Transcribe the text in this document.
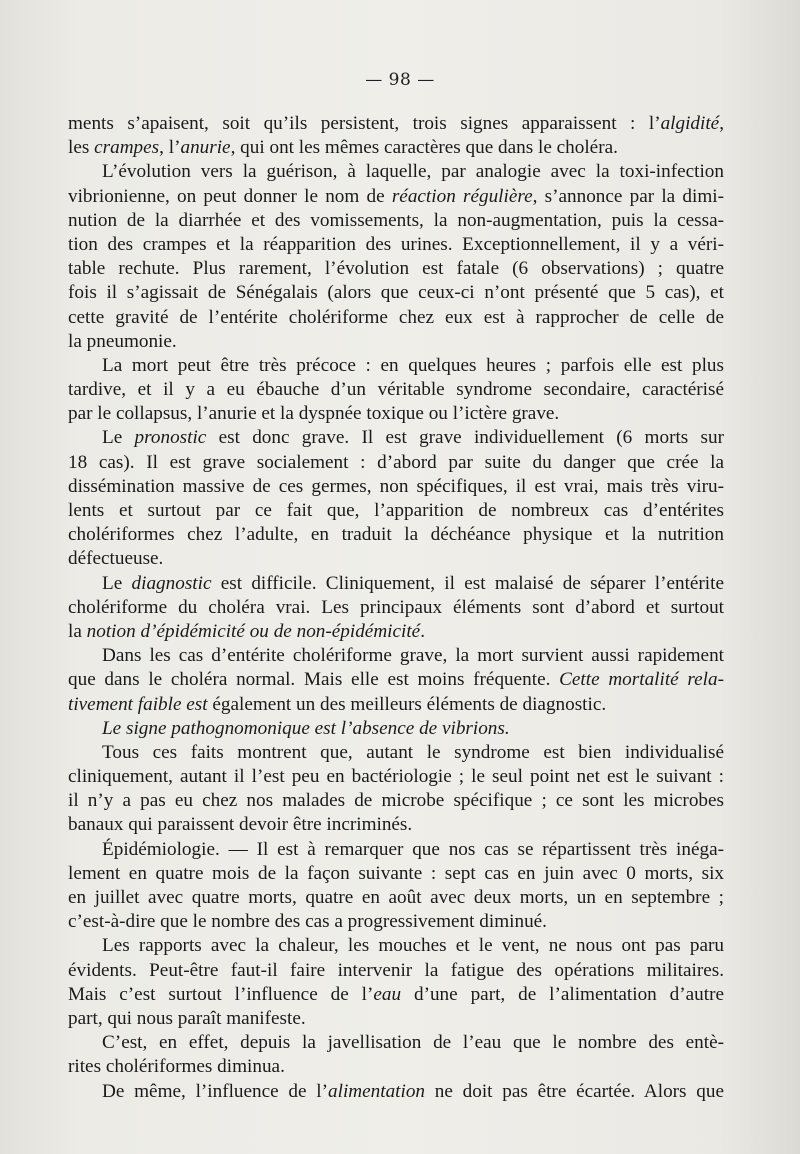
— 98 —
ments s’apaisent, soit qu’ils persistent, trois signes apparaissent : l’algidité,
les crampes, l’anurie, qui ont les mêmes caractères que dans le choléra.
L’évolution vers la guérison, à laquelle, par analogie avec la toxi-infection
vibrionienne, on peut donner le nom de réaction régulière, s’annonce par la dimi-
nution de la diarrhée et des vomissements, la non-augmentation, puis la cessa-
tion des crampes et la réapparition des urines. Exceptionnellement, il y a véri-
table rechute. Plus rarement, l’évolution est fatale (6 observations) ; quatre
fois il s’agissait de Sénégalais (alors que ceux-ci n’ont présenté que 5 cas), et
cette gravité de l’entérite cholériforme chez eux est à rapprocher de celle de
la pneumonie.
La mort peut être très précoce : en quelques heures ; parfois elle est plus
tardive, et il y a eu ébauche d’un véritable syndrome secondaire, caractérisé
par le collapsus, l’anurie et la dyspnée toxique ou l’ictère grave.
Le pronostic est donc grave. Il est grave individuellement (6 morts sur
18 cas). Il est grave socialement : d’abord par suite du danger que crée la
dissémination massive de ces germes, non spécifiques, il est vrai, mais très viru-
lents et surtout par ce fait que, l’apparition de nombreux cas d’entérites
cholériformes chez l’adulte, en traduit la déchéance physique et la nutrition
défectueuse.
Le diagnostic est difficile. Cliniquement, il est malaisé de séparer l’entérite
cholériforme du choléra vrai. Les principaux éléments sont d’abord et surtout
la notion d’épidémicité ou de non-épidémicité.
Dans les cas d’entérite cholériforme grave, la mort survient aussi rapidement
que dans le choléra normal. Mais elle est moins fréquente. Cette mortalité rela-
tivement faible est également un des meilleurs éléments de diagnostic.
Le signe pathognomonique est l’absence de vibrions.
Tous ces faits montrent que, autant le syndrome est bien individualisé
cliniquement, autant il l’est peu en bactériologie ; le seul point net est le suivant :
il n’y a pas eu chez nos malades de microbe spécifique ; ce sont les microbes
banaux qui paraissent devoir être incriminés.
Épidémiologie. — Il est à remarquer que nos cas se répartissent très inéga-
lement en quatre mois de la façon suivante : sept cas en juin avec 0 morts, six
en juillet avec quatre morts, quatre en août avec deux morts, un en septembre ;
c’est-à-dire que le nombre des cas a progressivement diminué.
Les rapports avec la chaleur, les mouches et le vent, ne nous ont pas paru
évidents. Peut-être faut-il faire intervenir la fatigue des opérations militaires.
Mais c’est surtout l’influence de l’eau d’une part, de l’alimentation d’autre
part, qui nous paraît manifeste.
C’est, en effet, depuis la javellisation de l’eau que le nombre des entè-
rites cholériformes diminua.
De même, l’influence de l’alimentation ne doit pas être écartée. Alors que
